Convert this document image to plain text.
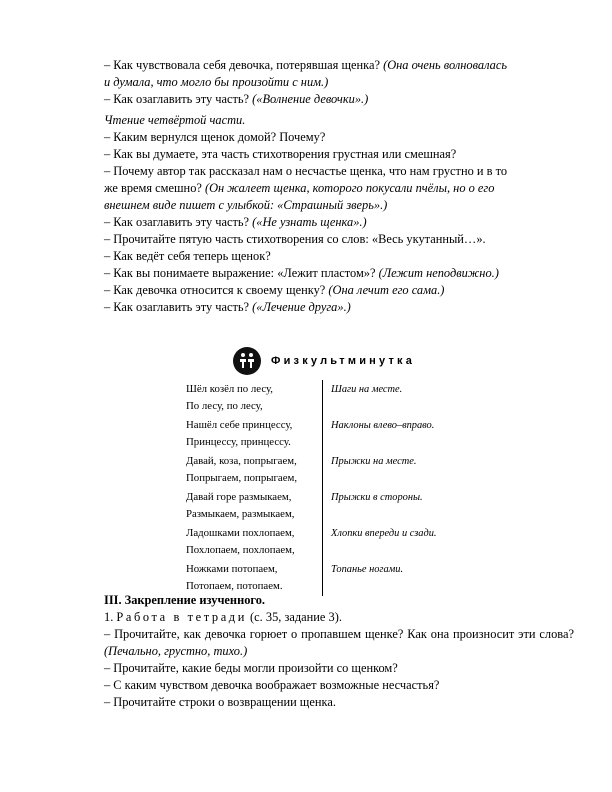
– Как чувствовала себя девочка, потерявшая щенка? (Она очень волновалась
и думала, что могло бы произойти с ним.)
– Как озаглавить эту часть? («Волнение девочки».)
Чтение четвёртой части.
– Каким вернулся щенок домой? Почему?
– Как вы думаете, эта часть стихотворения грустная или смешная?
– Почему автор так рассказал нам о несчастье щенка, что нам грустно и в то
же время смешно? (Он жалеет щенка, которого покусали пчёлы, но о его
внешнем виде пишет с улыбкой: «Страшный зверь».)
– Как озаглавить эту часть? («Не узнать щенка».)
– Прочитайте пятую часть стихотворения со слов: «Весь укутанный…».
– Как ведёт себя теперь щенок?
– Как вы понимаете выражение: «Лежит пластом»? (Лежит неподвижно.)
– Как девочка относится к своему щенку? (Она лечит его сама.)
– Как озаглавить эту часть? («Лечение друга».)
Физкультминутка
Шёл козёл по лесу,
По лесу, по лесу,
Шаги на месте.
Нашёл себе принцессу,
Принцессу, принцессу.
Наклоны влево–вправо.
Давай, коза, попрыгаем,
Попрыгаем, попрыгаем,
Прыжки на месте.
Давай горе размыкаем,
Размыкаем, размыкаем,
Прыжки в стороны.
Ладошками похлопаем,
Похлопаем, похлопаем,
Хлопки впереди и сзади.
Ножками потопаем,
Потопаем, потопаем.
Топанье ногами.
III. Закрепление изученного.
1. Работа в тетради (с. 35, задание 3).
– Прочитайте, как девочка горюет о пропавшем щенке? Как она произносит эти слова? (Печально, грустно, тихо.)
– Прочитайте, какие беды могли произойти со щенком?
– С каким чувством девочка воображает возможные несчастья?
– Прочитайте строки о возвращении щенка.
